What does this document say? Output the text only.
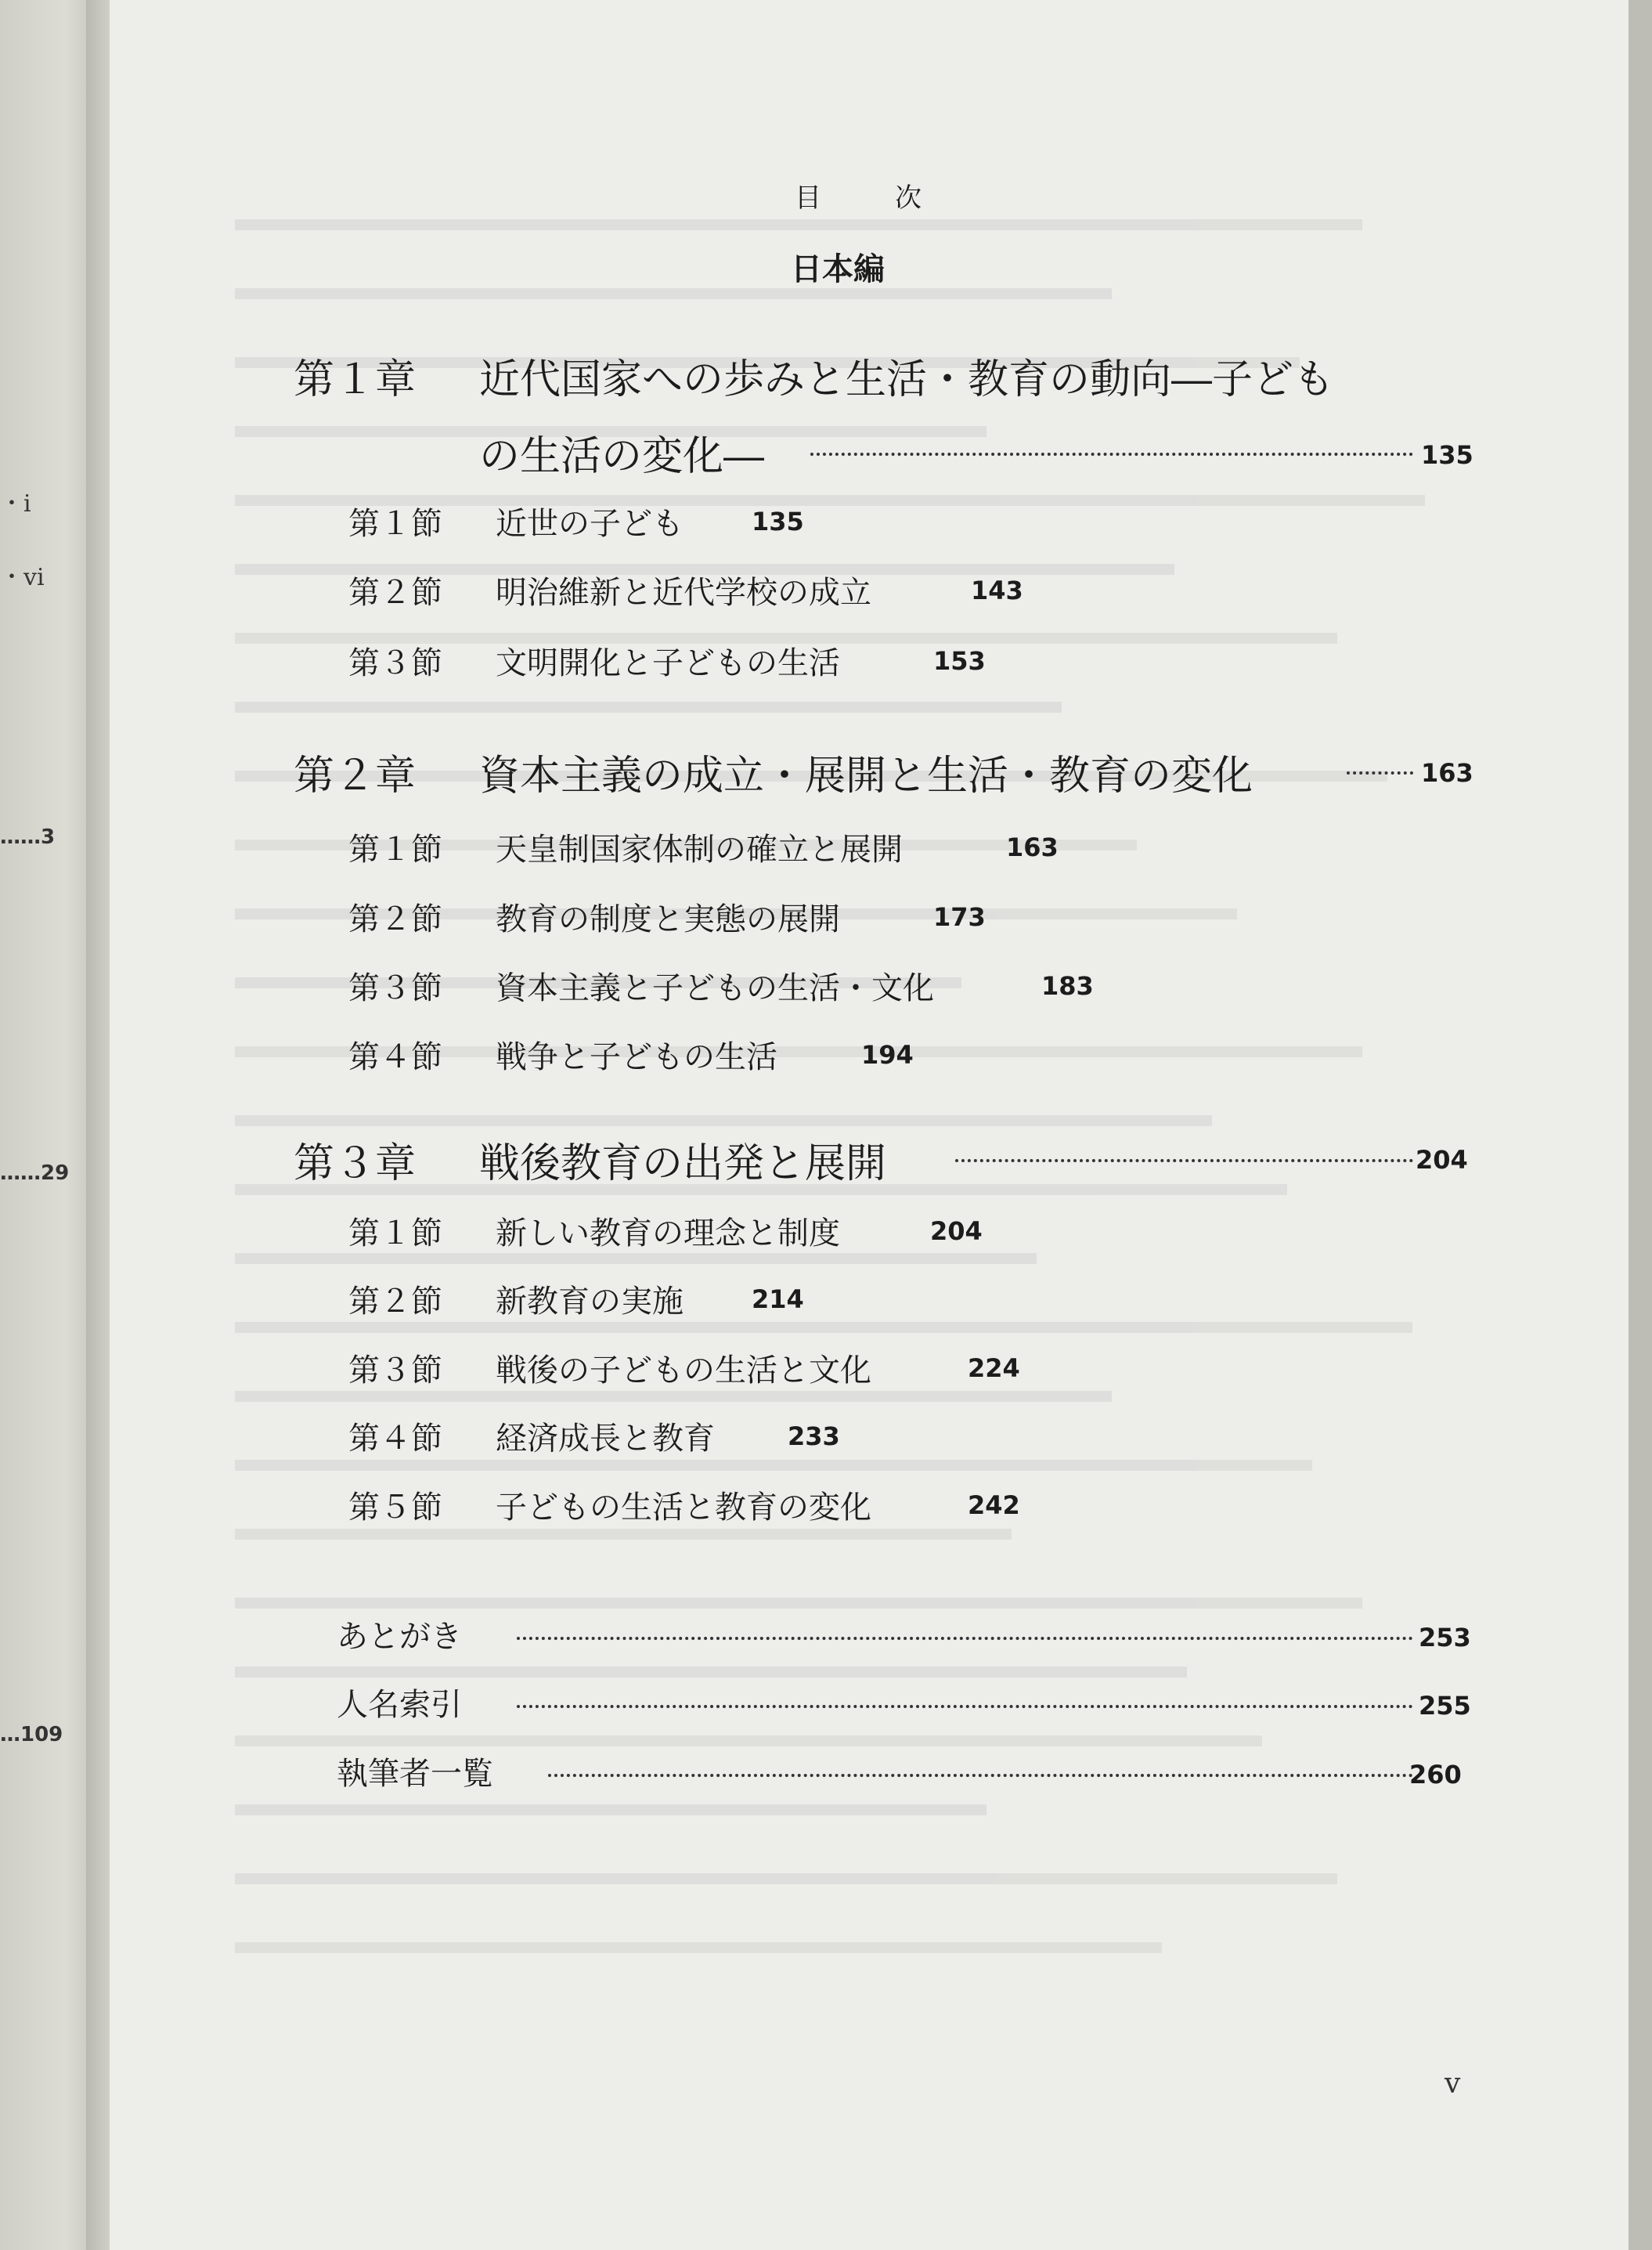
・i
・vi
……3
……29
…109
目　次
日本編
第１章 近代国家への歩みと生活・教育の動向―子ども
の生活の変化―	135
第１節 近世の子ども	135
第２節 明治維新と近代学校の成立	143
第３節 文明開化と子どもの生活	153
第２章 資本主義の成立・展開と生活・教育の変化	163
第１節 天皇制国家体制の確立と展開	163
第２節 教育の制度と実態の展開	173
第３節 資本主義と子どもの生活・文化	183
第４節 戦争と子どもの生活	194
第３章 戦後教育の出発と展開	204
第１節 新しい教育の理念と制度	204
第２節 新教育の実施	214
第３節 戦後の子どもの生活と文化	224
第４節 経済成長と教育	233
第５節 子どもの生活と教育の変化	242
あとがき	253
人名索引	255
執筆者一覧	260
v
